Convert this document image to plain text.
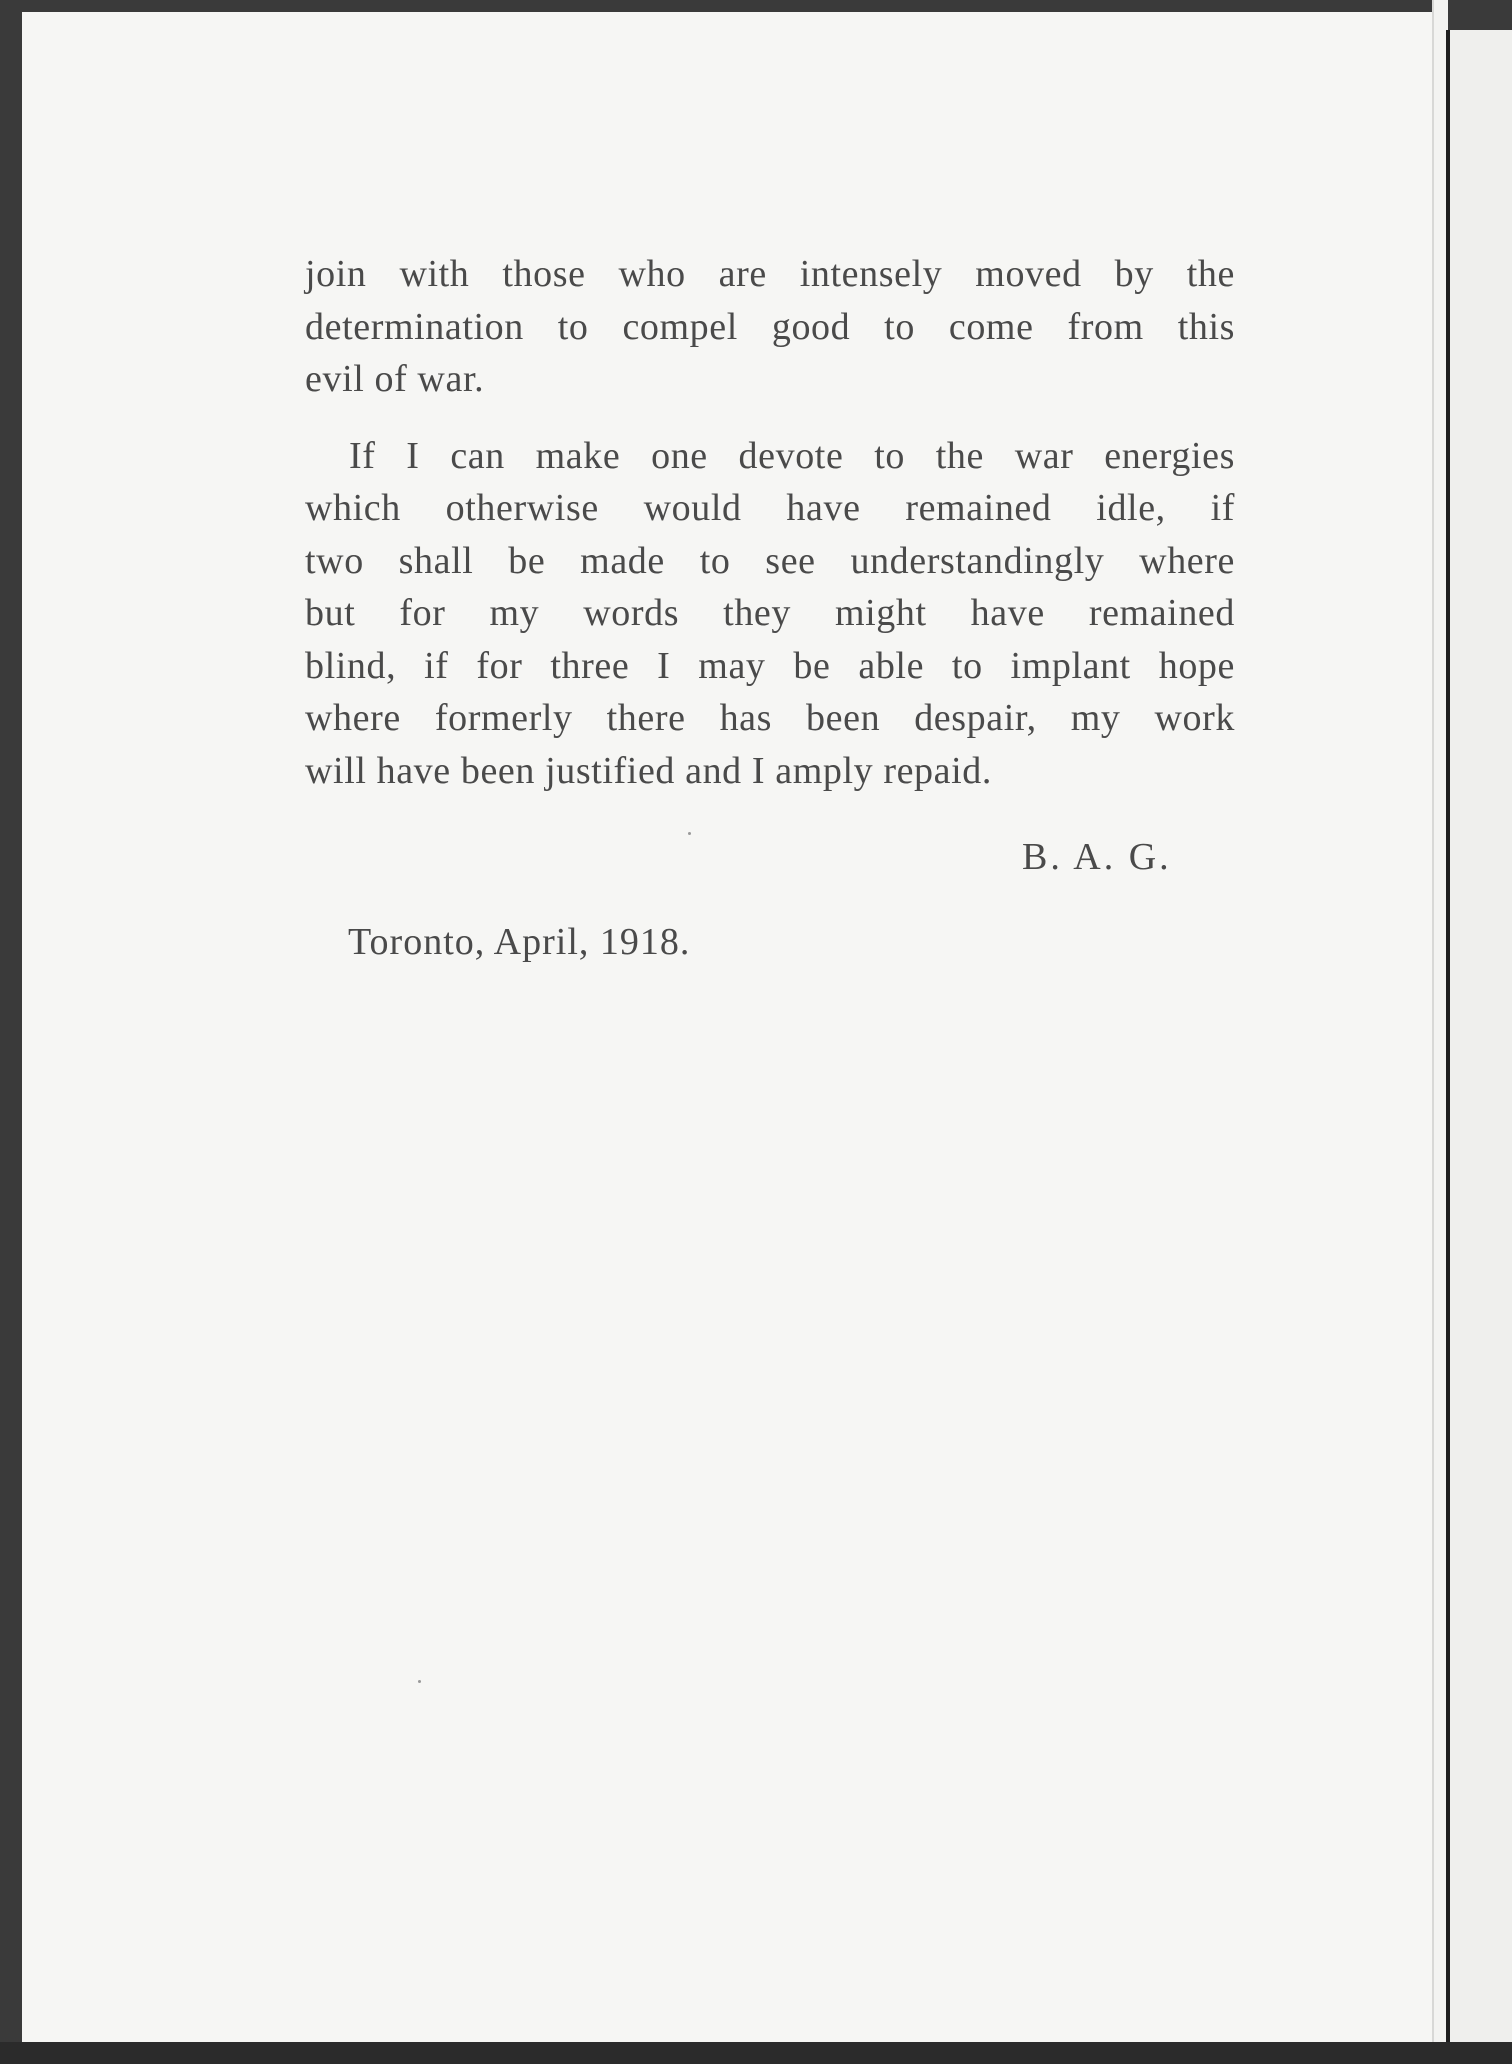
join with those who are intensely moved by the
determination to compel good to come from this
evil of war.
If I can make one devote to the war energies
which otherwise would have remained idle, if
two shall be made to see understandingly where
but for my words they might have remained
blind, if for three I may be able to implant hope
where formerly there has been despair, my work
will have been justified and I amply repaid.
B. A. G.
Toronto, April, 1918.
